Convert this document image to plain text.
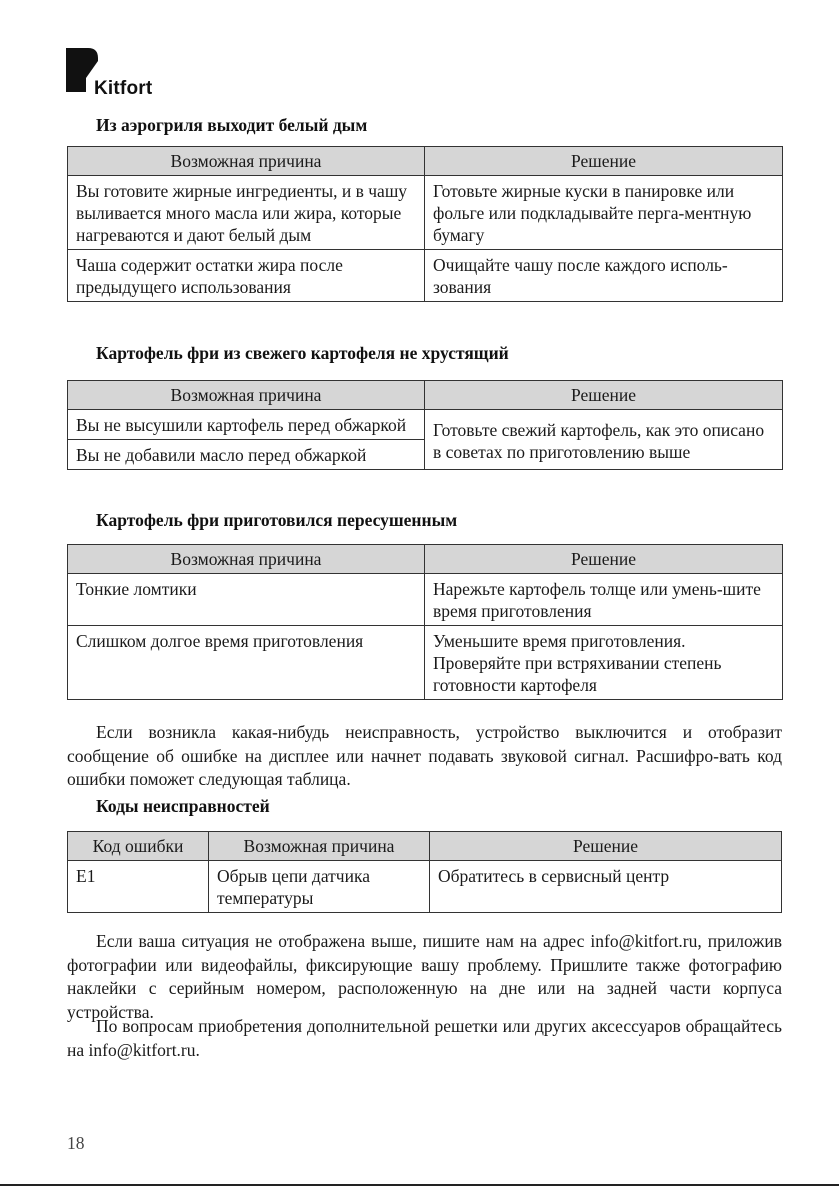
Kitfort
Из аэрогриля выходит белый дым
Возможная причина	Решение
Вы готовите жирные ингредиенты, и в чашу выливается много масла или жира, которые нагреваются и дают белый дым	Готовьте жирные куски в панировке или фольге или подкладывайте перга-ментную бумагу
Чаша содержит остатки жира после предыдущего использования	Очищайте чашу после каждого исполь-зования
Картофель фри из свежего картофеля не хрустящий
Возможная причина	Решение
Вы не высушили картофель перед обжаркой	Готовьте свежий картофель, как это описано в советах по приготовлению выше
Вы не добавили масло перед обжаркой	
Картофель фри приготовился пересушенным
Возможная причина	Решение
Тонкие ломтики	Нарежьте картофель толще или умень-шите время приготовления
Слишком долгое время приготовления	Уменьшите время приготовления. Проверяйте при встряхивании степень готовности картофеля

Если возникла какая-нибудь неисправность, устройство выключится и отобразит сообщение об ошибке на дисплее или начнет подавать звуковой сигнал. Расшифро-вать код ошибки поможет следующая таблица.

Коды неисправностей
Код ошибки	Возможная причина	Решение
E1	Обрыв цепи датчика температуры	Обратитесь в сервисный центр

Если ваша ситуация не отображена выше, пишите нам на адрес info@kitfort.ru, приложив фотографии или видеофайлы, фиксирующие вашу проблему. Пришлите также фотографию наклейки с серийным номером, расположенную на дне или на задней части корпуса устройства.

По вопросам приобретения дополнительной решетки или других аксессуаров обращайтесь на info@kitfort.ru.

18
